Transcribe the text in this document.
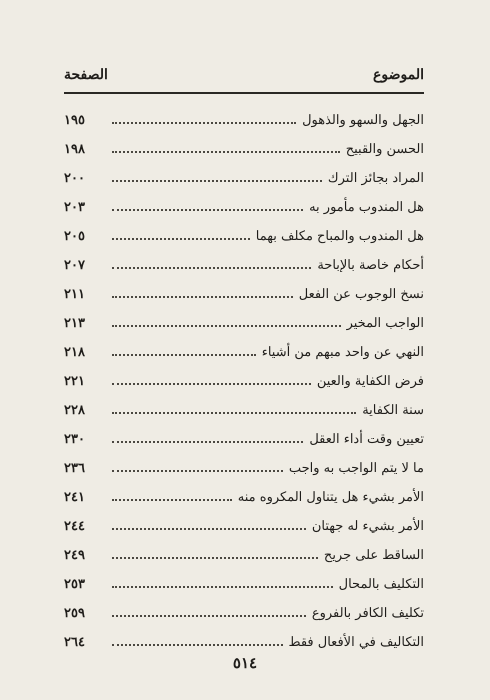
الموضوع
الصفحة
الجهل والسهو والذهول
١٩٥
الحسن والقبيح
١٩٨
المراد بجائز الترك
٢٠٠
هل المندوب مأمور به
٢٠٣
هل المندوب والمباح مكلف بهما
٢٠٥
أحكام خاصة بالإباحة
٢٠٧
نسخ الوجوب عن الفعل
٢١١
الواجب المخير
٢١٣
النهي عن واحد مبهم من أشياء
٢١٨
فرض الكفاية والعين
٢٢١
سنة الكفاية
٢٢٨
تعيين وقت أداء العقل
٢٣٠
ما لا يتم الواجب به واجب
٢٣٦
الأمر بشيء هل يتناول المكروه منه
٢٤١
الأمر بشيء له جهتان
٢٤٤
الساقط على جريح
٢٤٩
التكليف بالمحال
٢٥٣
تكليف الكافر بالفروع
٢٥٩
التكاليف في الأفعال فقط
٢٦٤
٥١٤
